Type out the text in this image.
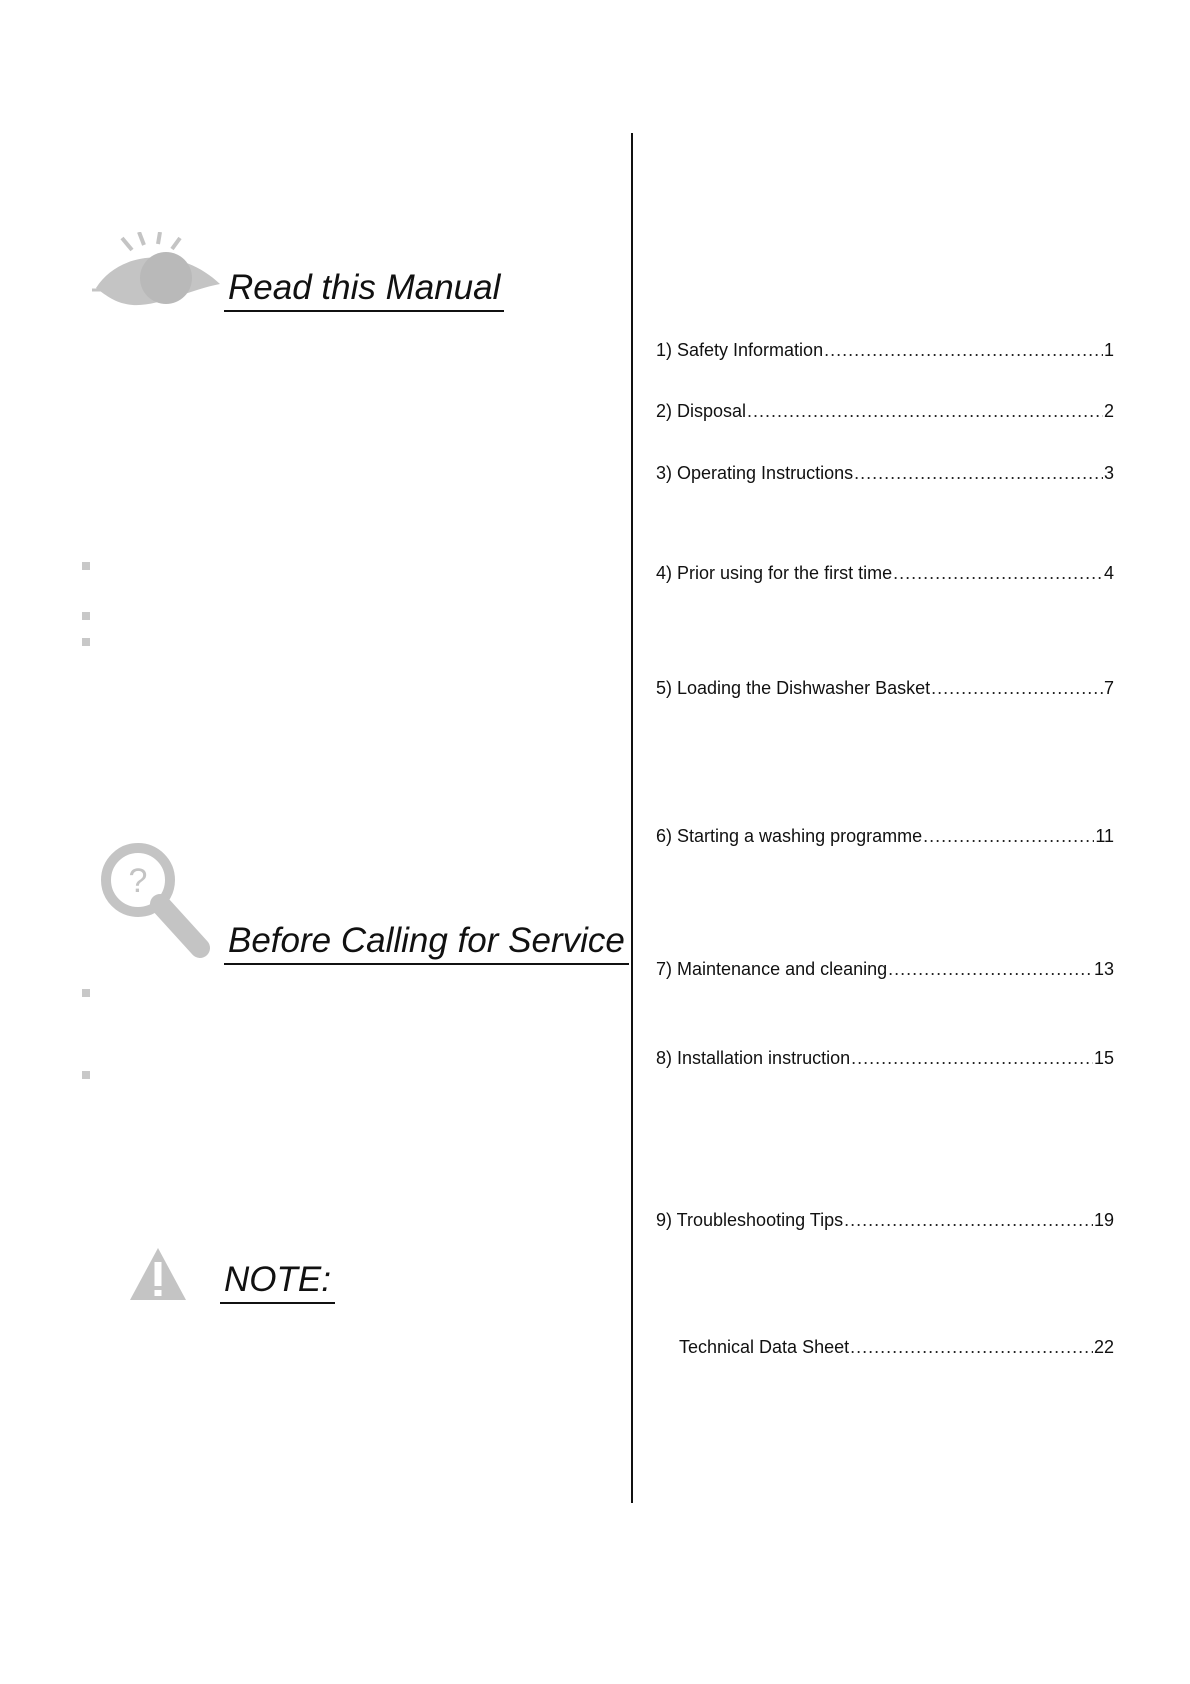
Read this Manual
?
Before Calling for Service
NOTE:
1) Safety Information .....	1
2) Disposal .....	2
3) Operating Instructions .....	3
4) Prior using for the first time .....	4
5) Loading the Dishwasher Basket .....	7
6) Starting a washing programme .....	11
7) Maintenance and cleaning .....	13
8) Installation instruction .....	15
9) Troubleshooting Tips .....	19
Technical Data Sheet .....	22
